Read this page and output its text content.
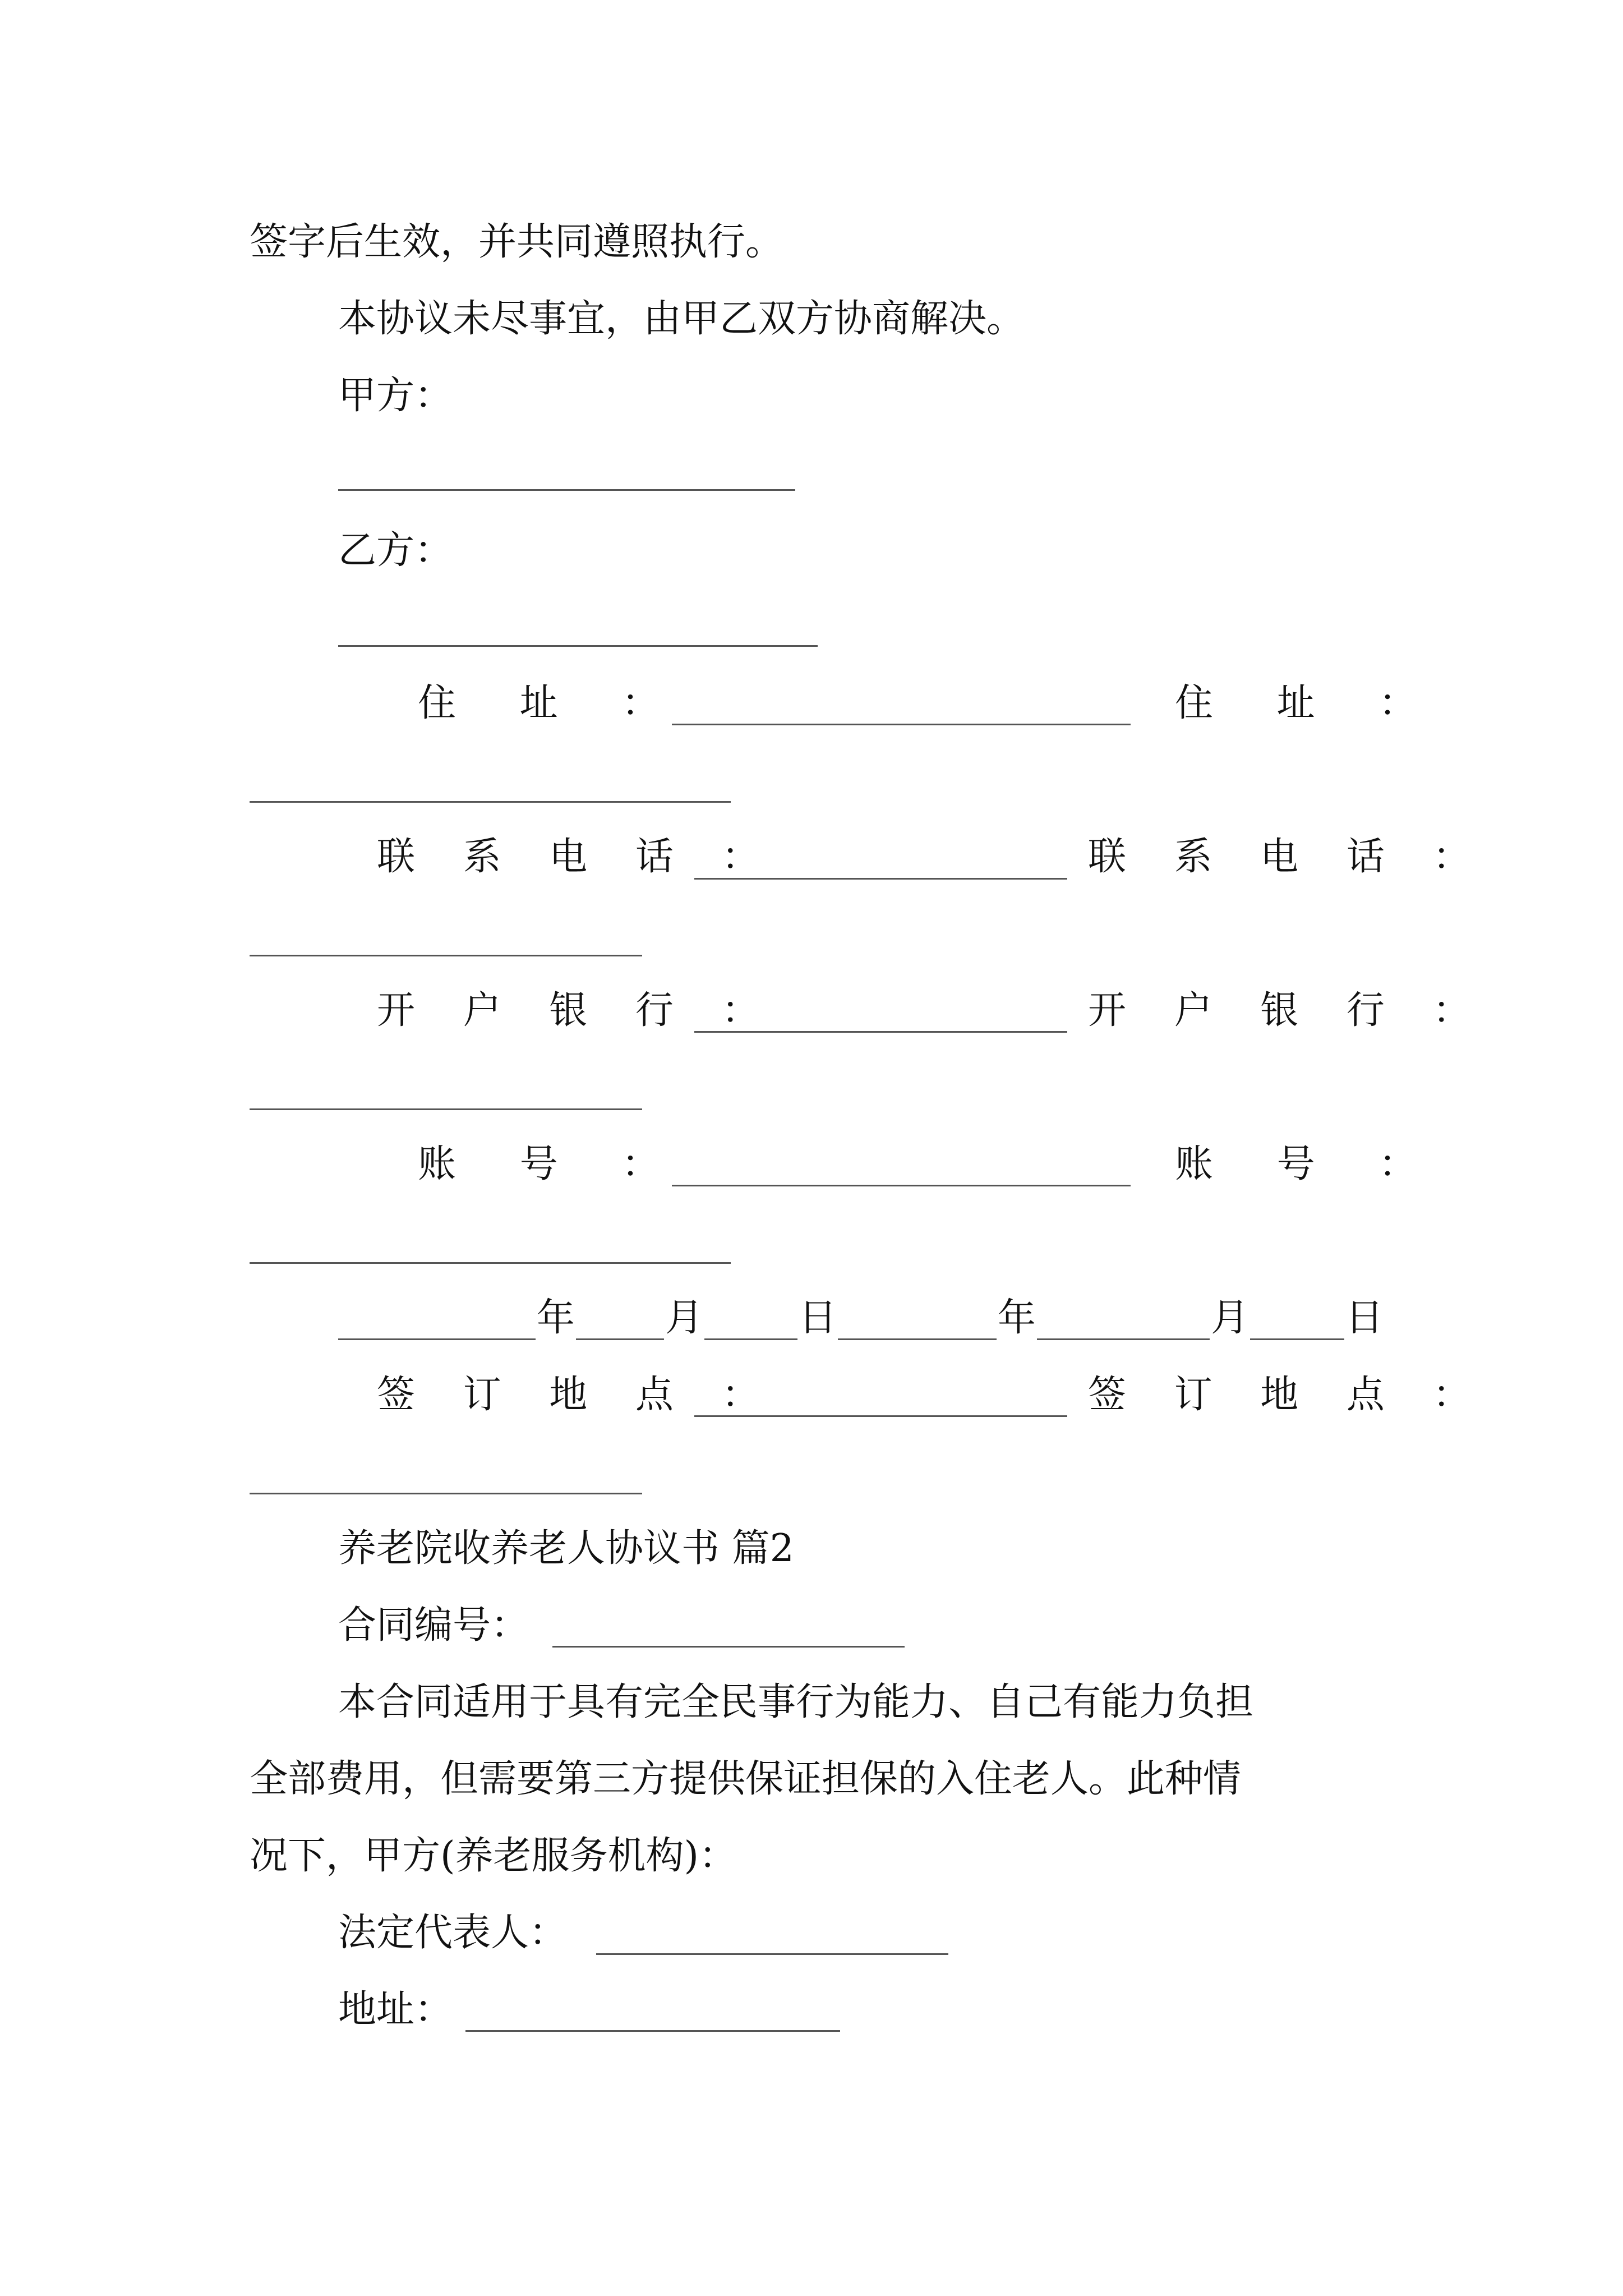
签字后生效，并共同遵照执行。
本协议未尽事宜，由甲乙双方协商解决。
甲方：
乙方：
住 址 ：	住 址 ：
联 系 电 话 ：	联 系 电 话 ：
开 户 银 行 ：	开 户 银 行 ：
账 号 ：	账 号 ：
年 月 日	年	月	日
签 订 地 点 ：	签 订 地 点 ：
养老院收养老人协议书 篇2
合同编号：
本合同适用于具有完全民事行为能力、自己有能力负担
全部费用，但需要第三方提供保证担保的入住老人。此种情
况下，甲方(养老服务机构)：
法定代表人：
地址：
